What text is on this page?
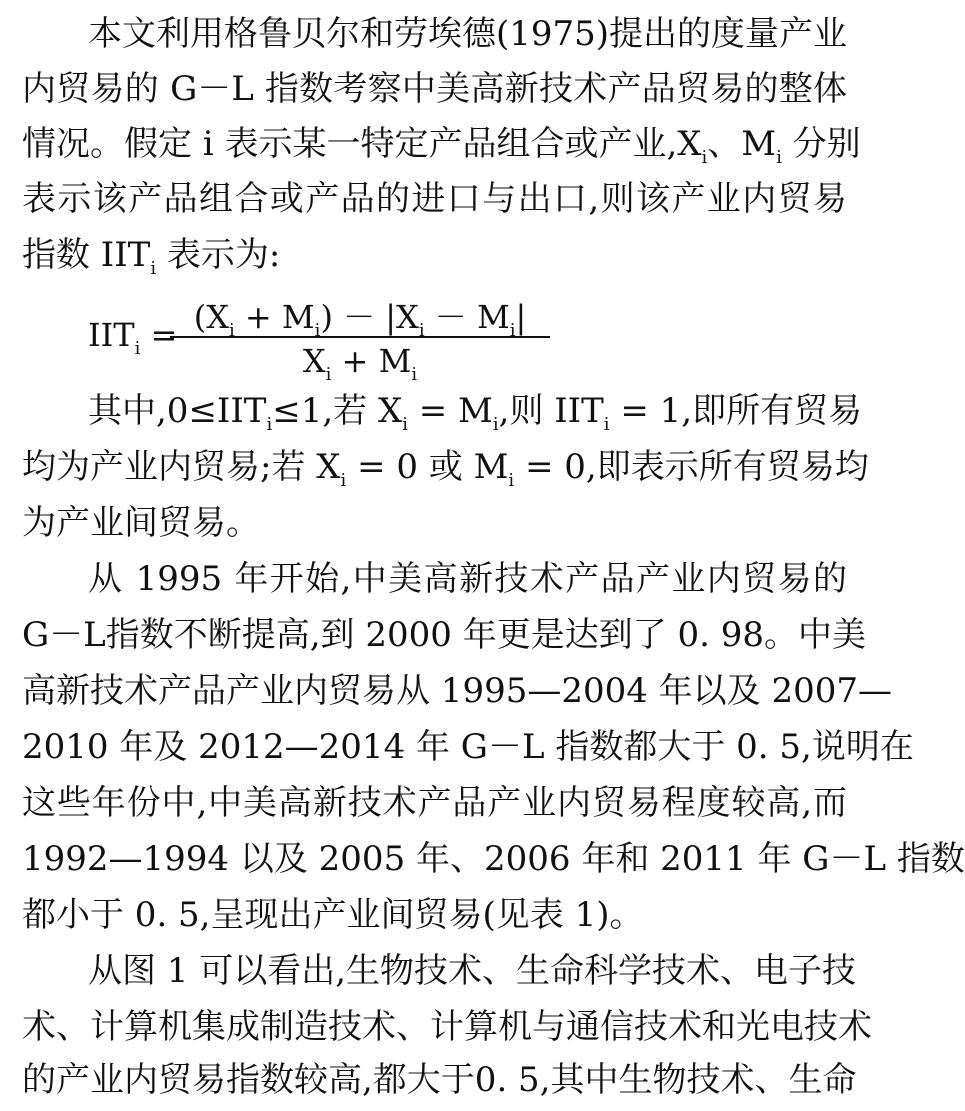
本文利用格鲁贝尔和劳埃德(1975)提出的度量产业
内贸易的 G－L 指数考察中美高新技术产品贸易的整体
情况。假定 i 表示某一特定产品组合或产业$,X_i$、$M_i$ 分别
表示该产品组合或产品的进口与出口,则该产业内贸易
指数 $IIT_i$ 表示为:
$IIT_i = (X_i + M_i) - |X_i - M_i|$
$X_i + M_i$
其中$,0\le IIT_i\le 1$,若 $X_i = M_i$,则 $IIT_i = 1$,即所有贸易
均为产业内贸易;若 $X_i = 0$ 或 $M_i = 0$,即表示所有贸易均
为产业间贸易。
从 1995 年开始,中美高新技术产品产业内贸易的
G－L指数不断提高,到 2000 年更是达到了 0. 98。中美
高新技术产品产业内贸易从 1995—2004 年以及 2007—
2010 年及 2012—2014 年 G－L 指数都大于 0. 5,说明在
这些年份中,中美高新技术产品产业内贸易程度较高,而
1992—1994 以及 2005 年、2006 年和 2011 年 G－L 指数
都小于 0. 5,呈现出产业间贸易(见表 1)。
从图 1 可以看出,生物技术、生命科学技术、电子技
术、计算机集成制造技术、计算机与通信技术和光电技术
的产业内贸易指数较高,都大于0. 5,其中生物技术、生命
